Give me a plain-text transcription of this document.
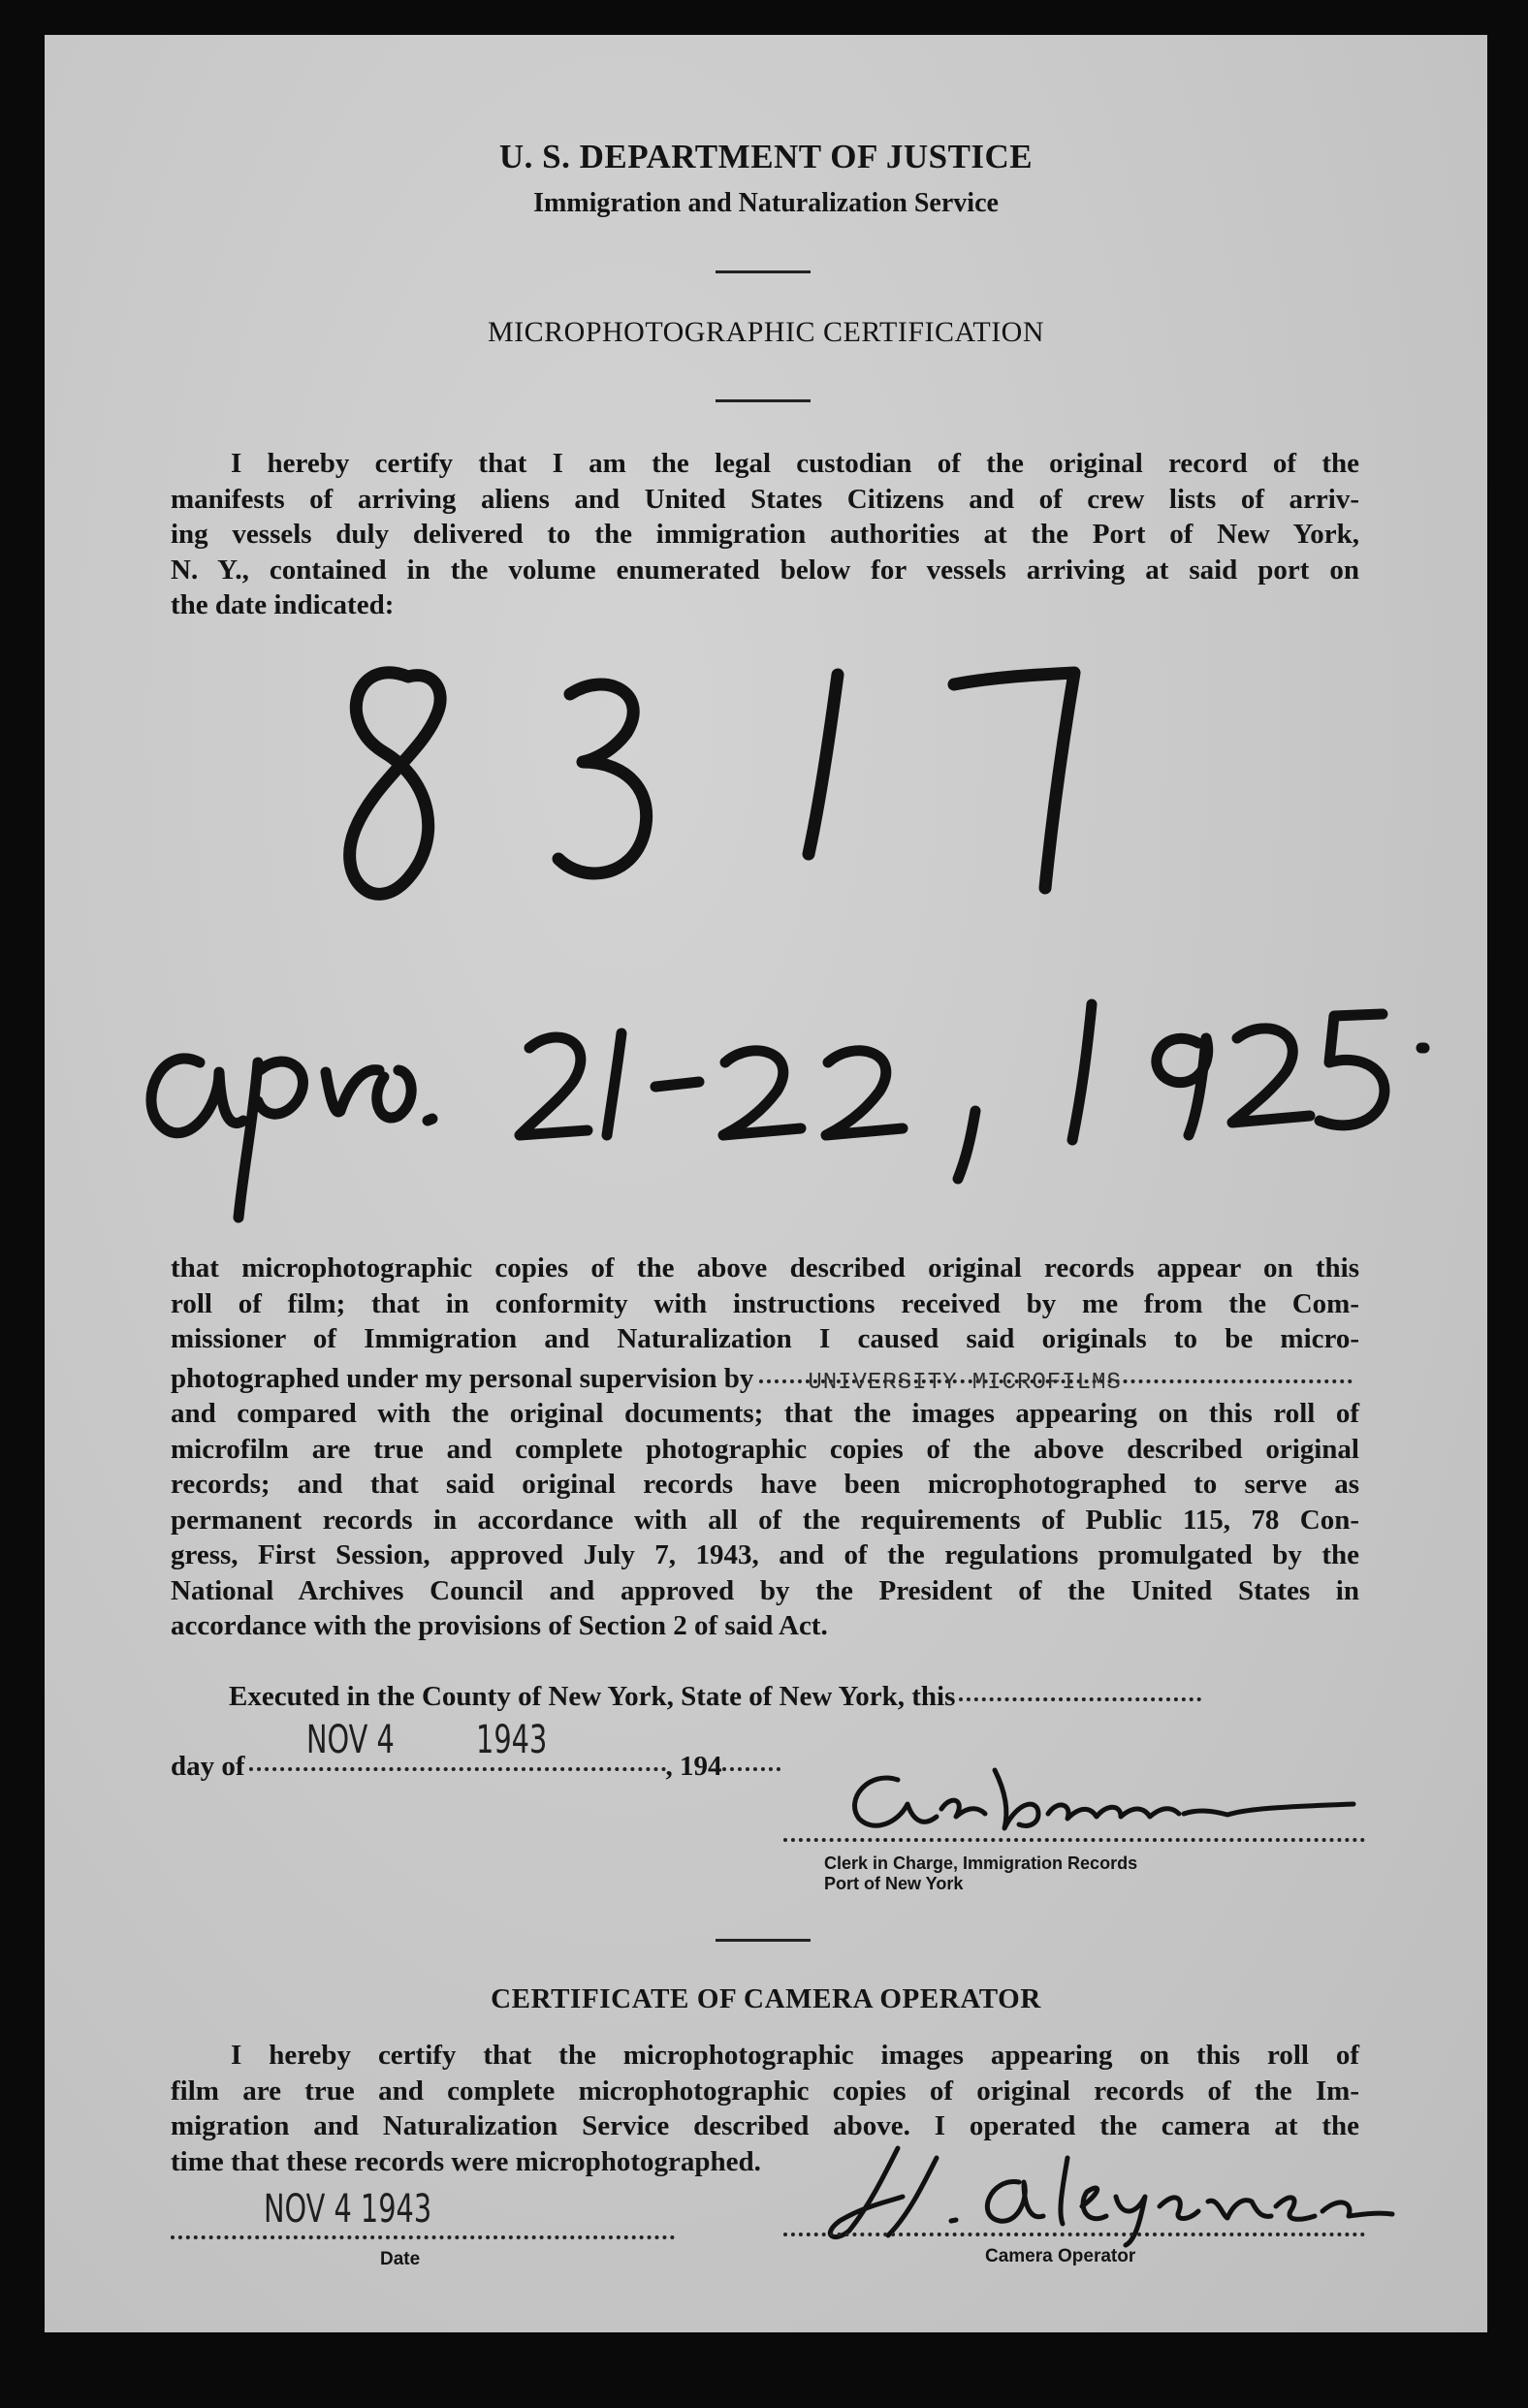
U. S. DEPARTMENT OF JUSTICE
Immigration and Naturalization Service
MICROPHOTOGRAPHIC CERTIFICATION
I hereby certify that I am the legal custodian of the original record of the
manifests of arriving aliens and United States Citizens and of crew lists of arriv-
ing vessels duly delivered to the immigration authorities at the Port of New York,
N. Y., contained in the volume enumerated below for vessels arriving at said port on
the date indicated:
that microphotographic copies of the above described original records appear on this
roll of film; that in conformity with instructions received by me from the Com-
missioner of Immigration and Naturalization I caused said originals to be micro-
photographed under my personal supervision by UNIVERSITY MICROFILMS
and compared with the original documents; that the images appearing on this roll of
microfilm are true and complete photographic copies of the above described original
records; and that said original records have been microphotographed to serve as
permanent records in accordance with all of the requirements of Public 115, 78 Con-
gress, First Session, approved July 7, 1943, and of the regulations promulgated by the
National Archives Council and approved by the President of the United States in
accordance with the provisions of Section 2 of said Act.
Executed in the County of New York, State of New York, this
day of	, 194
NOV 4 1943
Clerk in Charge, Immigration Records
Port of New York
CERTIFICATE OF CAMERA OPERATOR
I hereby certify that the microphotographic images appearing on this roll of
film are true and complete microphotographic copies of original records of the Im-
migration and Naturalization Service described above. I operated the camera at the
time that these records were microphotographed.
NOV 4 1943
Date	Camera Operator
